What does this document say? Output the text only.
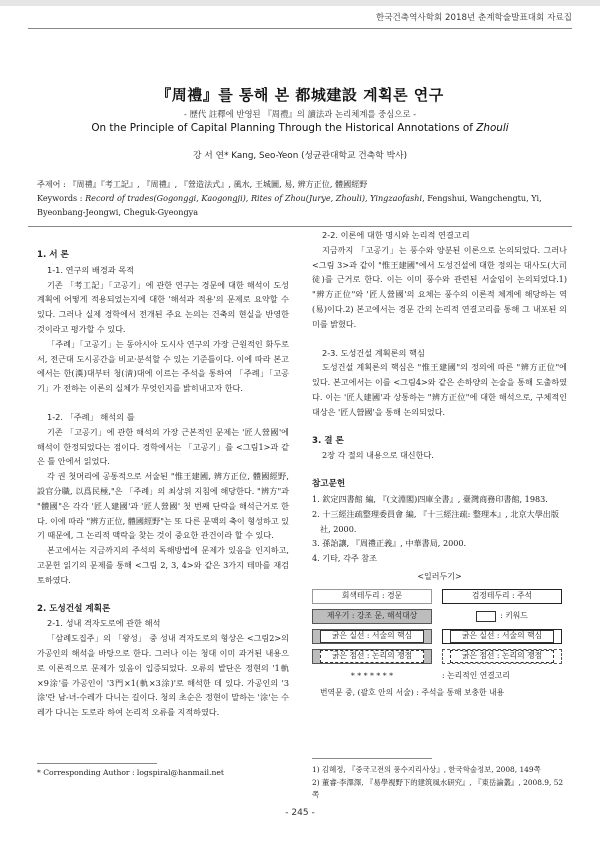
한국건축역사학회 2018년 춘계학술발표대회 자료집
『周禮』를 통해 본 都城建設 계획론 연구
- 歷代 註釋에 반영된 『周禮』의 讀法과 논리체계를 중심으로 -
On the Principle of Capital Planning Through the Historical Annotations of Zhouli
강 서 연* Kang, Seo-Yeon (성균관대학교 건축학 박사)
주제어 : 『周禮』『考工記』, 『周禮』, 『營造法式』, 風水, 王城圖, 易, 辨方正位, 體國經野
Keywords : Record of trades(Gogonggi, Kaogongji), Rites of Zhou(Jurye, Zhouli), Yingzaofashi, Fengshui, Wangchengtu, Yi, Byeonbang-Jeongwi, Cheguk-Gyeongya

1. 서 론

1-1. 연구의 배경과 목적

기존 「考工記」「고공기」에 관한 연구는 경문에 대한 해석이 도성계획에 어떻게 적용되었는지에 대한 '해석과 적용'의 문제로 요약할 수 있다. 그러나 실제 경학에서 전개된 주요 논의는 건축의 현실을 반영한 것이라고 평가할 수 있다.

「주례」「고공기」는 동아시아 도시사 연구의 가장 근원적인 화두로서, 전근대 도시공간을 비교·분석할 수 있는 기준틀이다. 이에 따라 본고에서는 한(漢)대부터 청(淸)대에 이르는 주석을 통하여 「주례」「고공기」가 전하는 이론의 실체가 무엇인지를 밝히내고자 한다.

1-2. 「주례」 해석의 틀

기존 「고공기」에 관한 해석의 가장 근본적인 문제는 '匠人營國'에 해석이 한정되었다는 점이다. 경학에서는 「고공기」를 <그림1>과 같은 틀 안에서 읽었다.

각 권 첫머리에 공통적으로 서술된 "惟王建國, 辨方正位, 體國經野, 設官分職, 以爲民極,"은 「주례」의 최상위 지침에 해당한다. "辨方"과 "體國"은 각각 '匠人建國'과 '匠人營國' 첫 번째 단락을 해석근거로 한다. 이에 따라 "辨方正位, 體國經野"는 또 다른 문맥의 축이 형성하고 있기 때문에, 그 논리적 맥락을 찾는 것이 중요한 관건이라 할 수 있다.

본고에서는 지금까지의 주석의 독해방법에 문제가 있음을 인지하고, 고문헌 읽기의 문제를 통해 <그림 2, 3, 4>와 같은 3가지 테마를 재검토하였다.

2. 도성건설 계획론

2-1. 성내 격자도로에 관한 해석

「삼례도집주」의 「왕성」 중 성내 격자도로의 형상은 <그림2>의 가공인의 해석을 바탕으로 한다. 그러나 이는 청대 이미 과거된 내용으로 이론적으로 문제가 있음이 입증되었다. 오류의 발단은 정현의 '1軌×9涂'를 가공인이 '3門×1(軌×3涂)'로 해석한 데 있다. 가공인의 '3涂'란 남-녀-수레가 다니는 길이다. 청의 초순은 정현이 말하는 '涂'는 수레가 다니는 도로라 하여 논리적 오류를 지적하였다.

* Corresponding Author : logspiral@hanmail.net

2-2. 이론에 대한 명시와 논리적 연결고리

지금까지 「고공기」는 풍수와 양분된 이론으로 논의되었다. 그러나 <그림 3>과 같이 "惟王建國"에서 도성건설에 대한 정의는 대사도(大司徒)를 근거로 한다. 이는 이미 풍수와 관련된 서술임이 논의되었다.1) "辨方正位"와 '匠人營國'의 요체는 풍수의 이론적 체계에 해당하는 역(易)이다.2) 본고에서는 경문 간의 논리적 연결고리를 통해 그 내포된 의미를 밝혔다.

2-3. 도성건설 계획론의 핵심

도성건설 계획론의 핵심은 "惟王建國"의 정의에 따른 "辨方正位"에 있다. 본고에서는 이를 <그림4>와 같은 손하양의 논술을 통해 도출하였다. 이는 '匠人建國'과 상통하는 "辨方正位"에 대한 해석으로, 구체적인 대상은 '匠人營國'을 통해 논의되었다.

3. 결 론

2장 각 절의 내용으로 대신한다.

참고문헌

1. 欽定四書館 編, 『(文淵閣)四庫全書』, 臺灣商務印書館, 1983.

2. 十三經注疏整理委員會 編, 『十三經注疏: 整理本』, 北京大學出版社, 2000.

3. 孫詒讓, 『周禮正義』, 中華書局, 2000.

4. 기타, 각주 참조

<일러두기>

회색테두리 : 경문	검정테두리 : 주석
제우기 : 강조 문, 해석대상	: 키워드
굵은 실선 : 서술의 핵심	굵은 실선 : 서술의 핵심
굵은 점선 : 논리의 쟁점	굵은 점선 : 논리의 쟁점
* * * * * * *	: 논리적인 연결고리
번역문 중, (괄호 안의 서술) : 주석을 통해 보충한 내용
1) 김혜정, 『중국고전의 풍수지리사상』, 한국학술정보, 2008, 149쪽
2) 董睿·李澤澤, 『易學視野下的建筑風水研究』, 『東岳論叢』, 2008.9, 52쪽
- 245 -
